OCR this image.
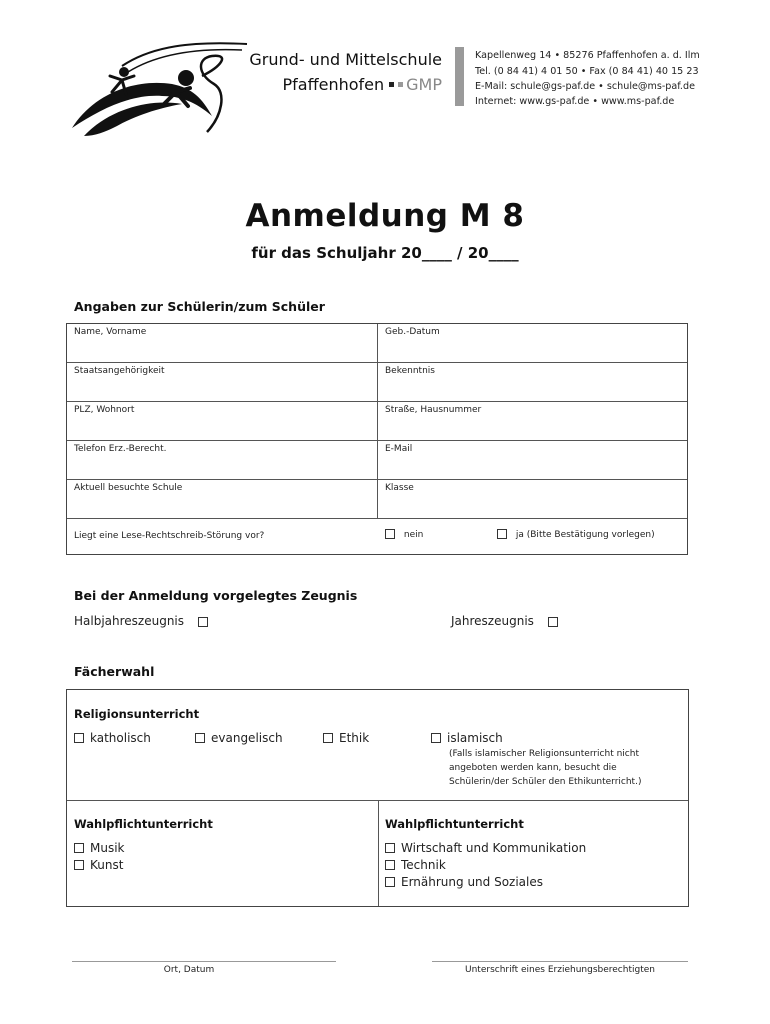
Grund- und Mittelschule
Pfaffenhofen GMP
Kapellenweg 14 • 85276 Pfaffenhofen a. d. Ilm
Tel. (0 84 41) 4 01 50 • Fax (0 84 41) 40 15 23
E-Mail: schule@gs-paf.de • schule@ms-paf.de
Internet: www.gs-paf.de • www.ms-paf.de
Anmeldung M 8
für das Schuljahr 20____ / 20____
Angaben zur Schülerin/zum Schüler
Name, Vorname	Geb.-Datum
Staatsangehörigkeit	Bekenntnis
PLZ, Wohnort	Straße, Hausnummer
Telefon Erz.-Berecht.	E-Mail
Aktuell besuchte Schule	Klasse
Liegt eine Lese-Rechtschreib-Störung vor?	nein	ja (Bitte Bestätigung vorlegen)
Bei der Anmeldung vorgelegtes Zeugnis
Halbjahreszeugnis	Jahreszeugnis
Fächerwahl
Religionsunterricht
katholisch	evangelisch	Ethik	islamisch
(Falls islamischer Religionsunterricht nicht angeboten werden kann, besucht die Schülerin/der Schüler den Ethikunterricht.)
Wahlpflichtunterricht
Musik
Kunst
Wahlpflichtunterricht
Wirtschaft und Kommunikation
Technik
Ernährung und Soziales
Ort, Datum	Unterschrift eines Erziehungsberechtigten
